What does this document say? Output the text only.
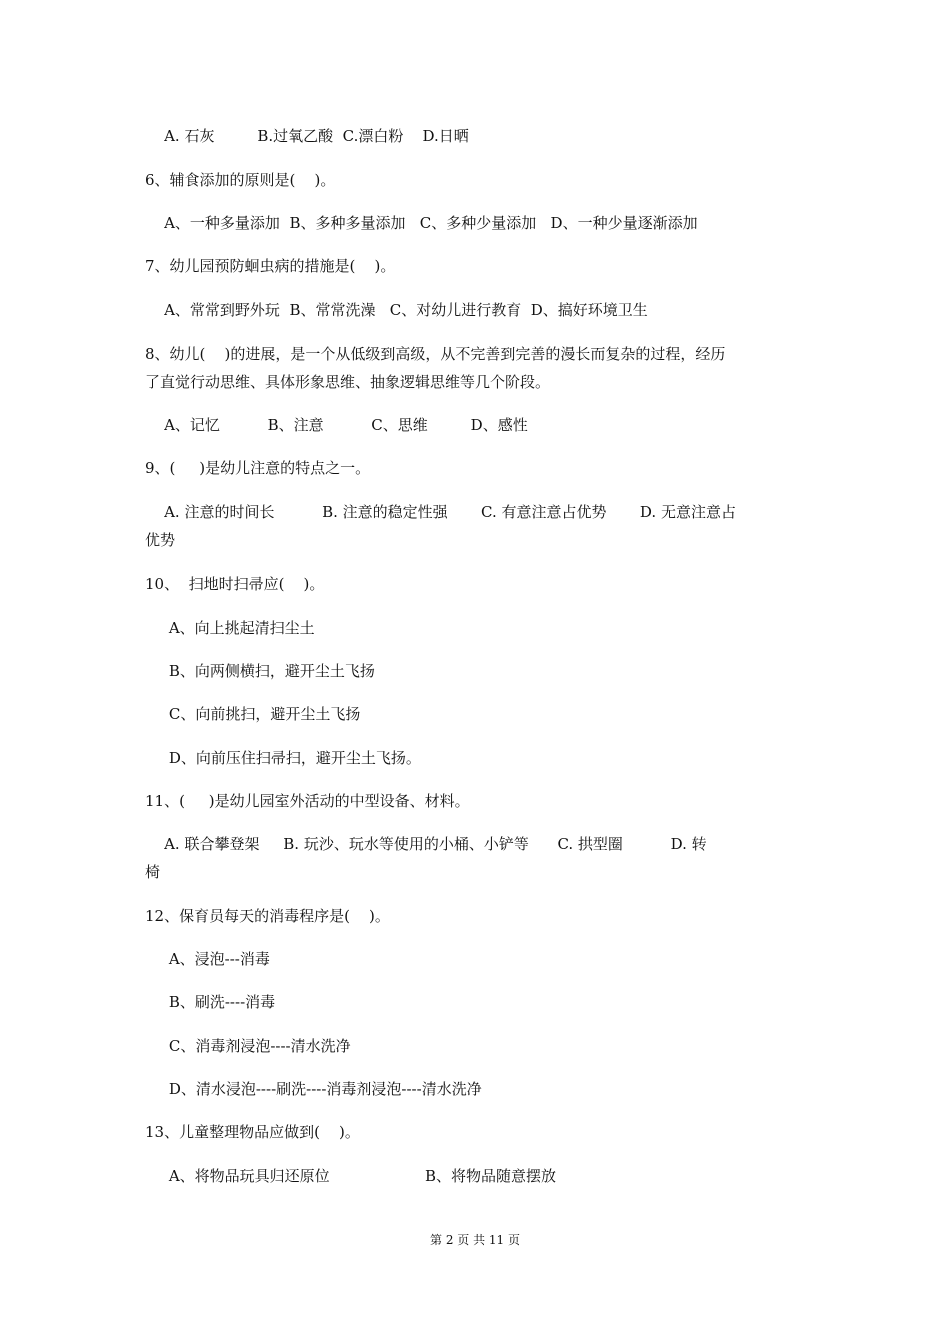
A. 石灰         B.过氧乙酸  C.漂白粉    D.日晒
6、辅食添加的原则是(    )。
A、一种多量添加  B、多种多量添加   C、多种少量添加   D、一种少量逐渐添加
7、幼儿园预防蛔虫病的措施是(    )。
A、常常到野外玩  B、常常洗澡   C、对幼儿进行教育  D、搞好环境卫生
8、幼儿(    )的进展，是一个从低级到高级，从不完善到完善的漫长而复杂的过程，经历
了直觉行动思维、具体形象思维、抽象逻辑思维等几个阶段。
A、记忆          B、注意          C、思维         D、感性
9、(     )是幼儿注意的特点之一。
A. 注意的时间长          B. 注意的稳定性强       C. 有意注意占优势       D. 无意注意占
优势
10、  扫地时扫帚应(    )。
A、向上挑起清扫尘土
B、向两侧横扫，避开尘土飞扬
C、向前挑扫，避开尘土飞扬
D、向前压住扫帚扫，避开尘土飞扬。
11、(     )是幼儿园室外活动的中型设备、材料。
A. 联合攀登架     B. 玩沙、玩水等使用的小桶、小铲等      C. 拱型圈          D. 转
椅
12、保育员每天的消毒程序是(    )。
A、浸泡---消毒
B、刷洗----消毒
C、消毒剂浸泡----清水洗净
D、清水浸泡----刷洗----消毒剂浸泡----清水洗净
13、儿童整理物品应做到(    )。
A、将物品玩具归还原位                    B、将物品随意摆放
第 2 页 共 11 页
